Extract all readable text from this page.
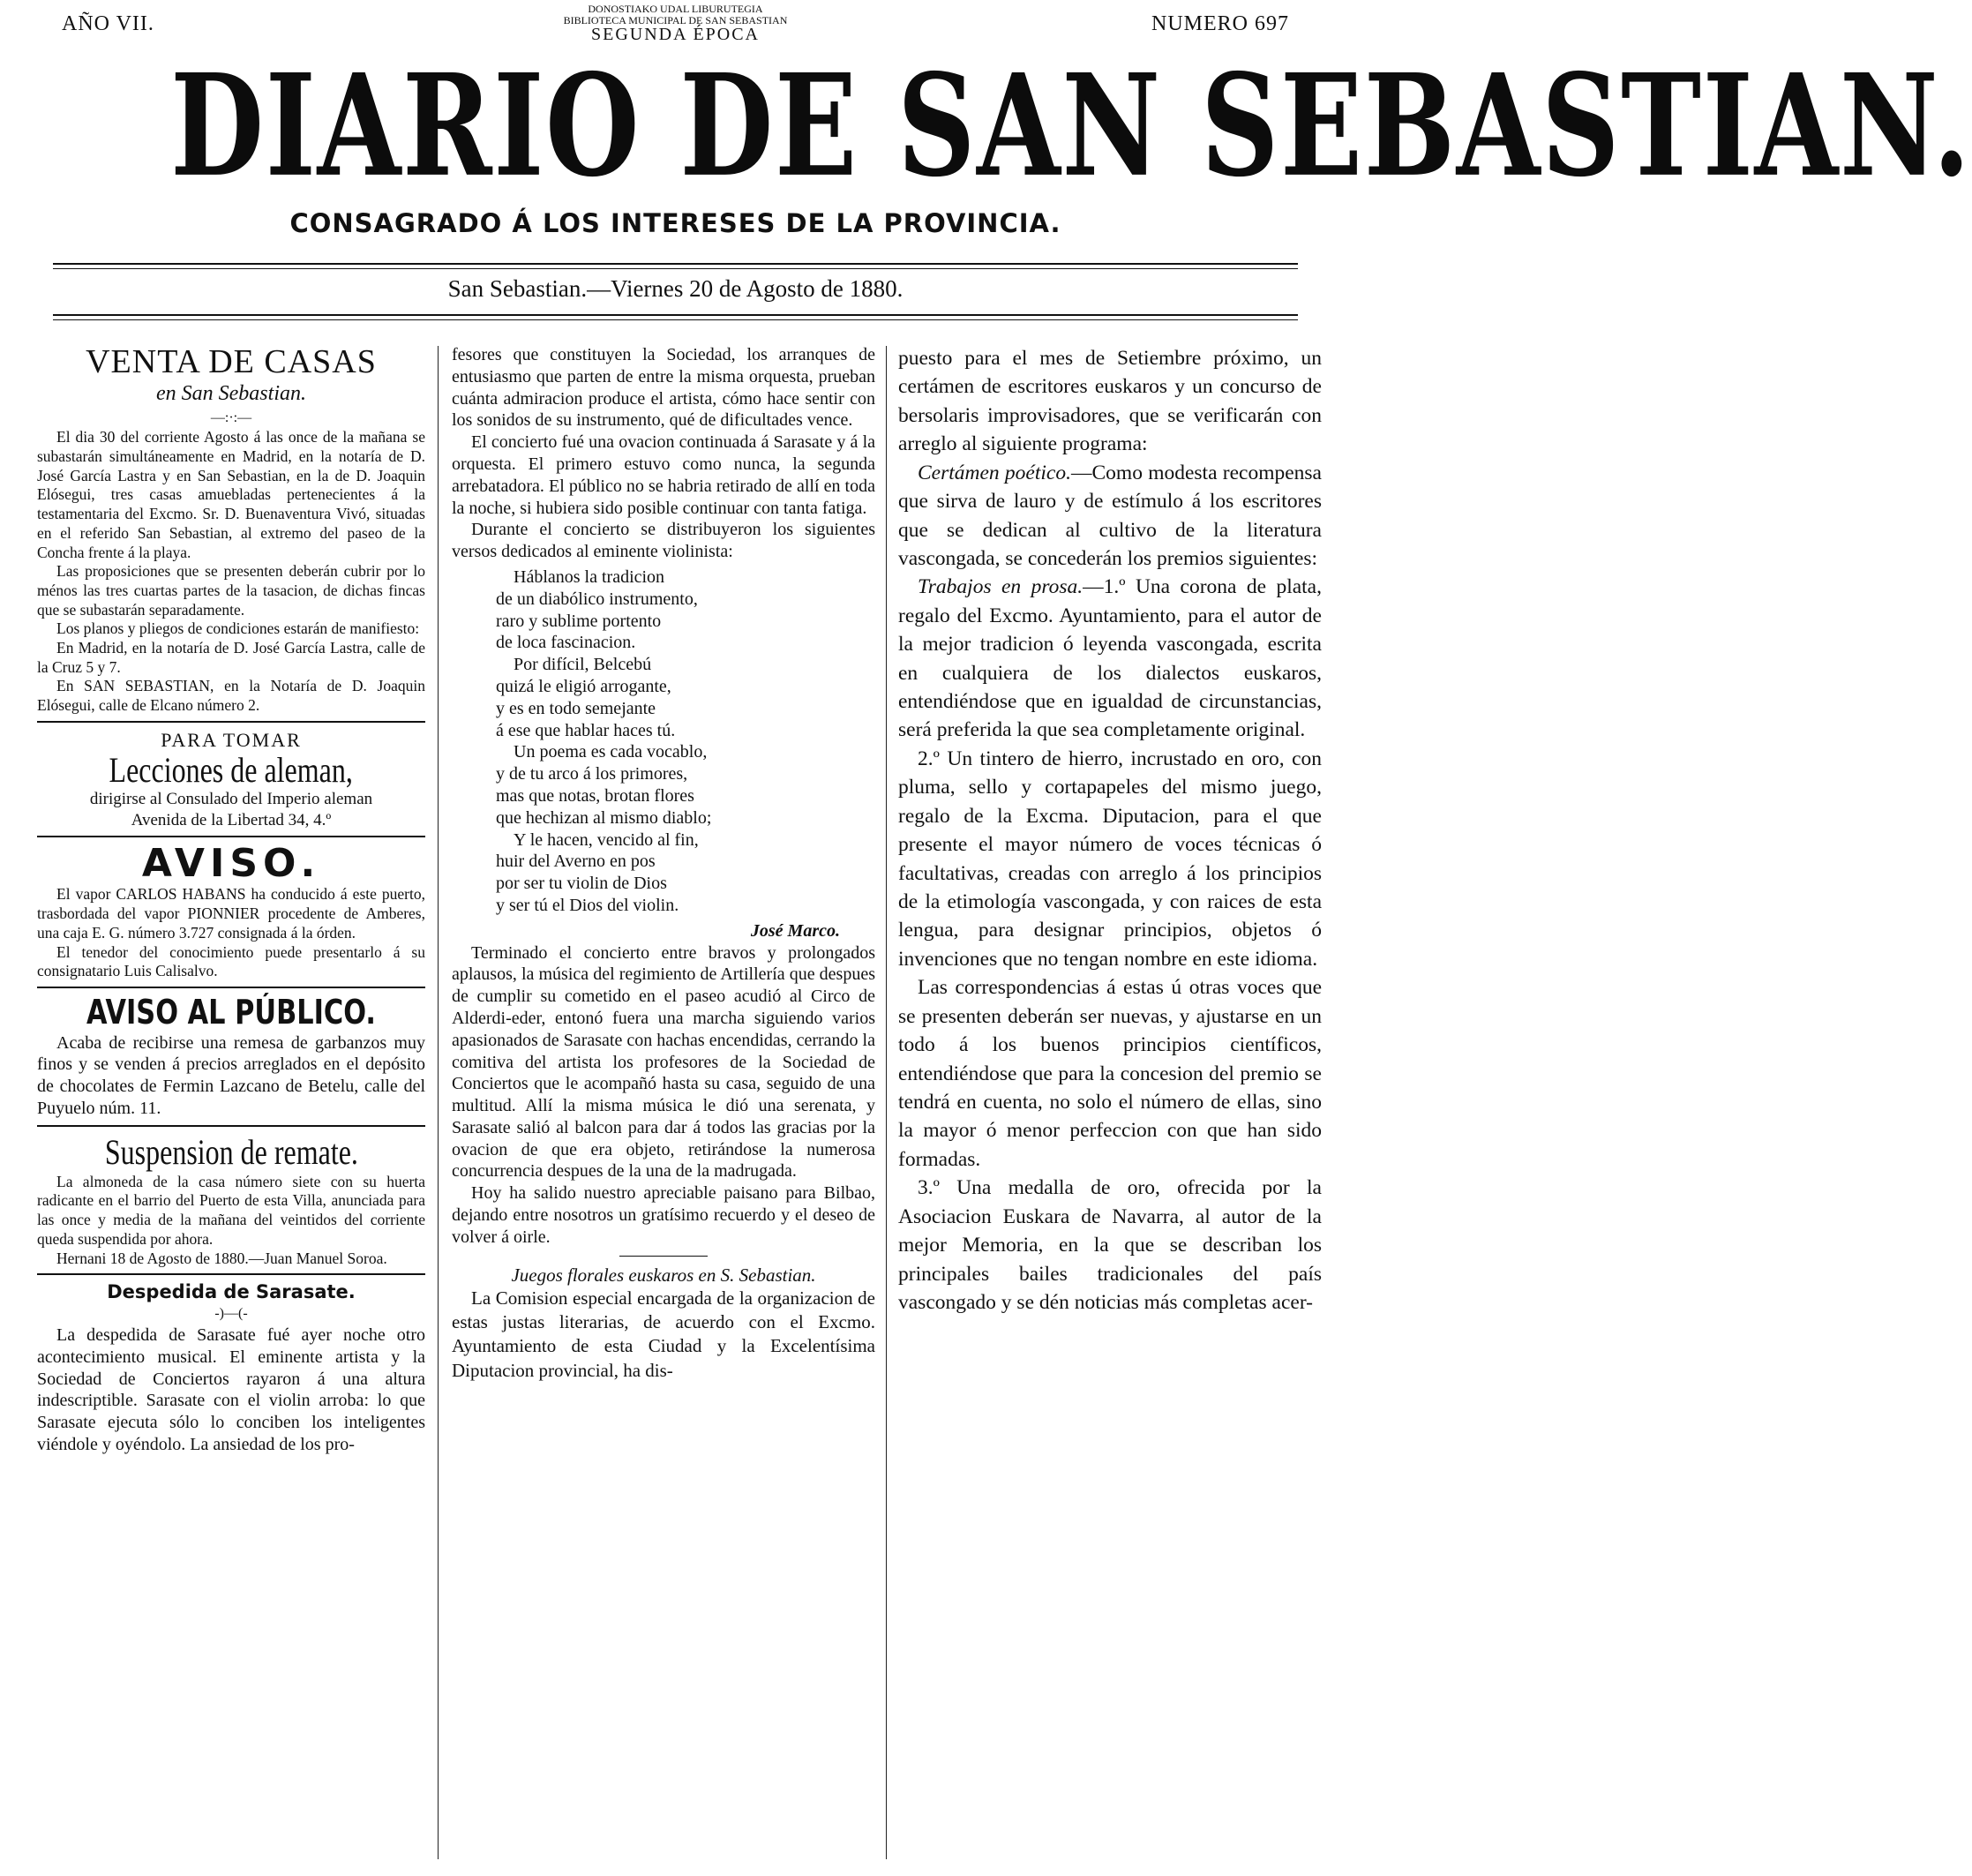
AÑO VII.
DONOSTIAKO UDAL LIBURUTEGIA
BIBLIOTECA MUNICIPAL DE SAN SEBASTIAN
SEGUNDA ÉPOCA	NUMERO 697
DIARIO DE SAN SEBASTIAN.
CONSAGRADO Á LOS INTERESES DE LA PROVINCIA.
San Sebastian.—Viernes 20 de Agosto de 1880.
VENTA DE CASAS
en San Sebastian.
—:·:—

El dia 30 del corriente Agosto á las once de la mañana se subastarán simultáneamente en Madrid, en la notaría de D. José García Lastra y en San Sebastian, en la de D. Joaquin Elósegui, tres casas amuebladas pertenecientes á la testamentaria del Excmo. Sr. D. Buenaventura Vivó, situadas en el referido San Sebastian, al extremo del paseo de la Concha frente á la playa.

Las proposiciones que se presenten deberán cubrir por lo ménos las tres cuartas partes de la tasacion, de dichas fincas que se subastarán separadamente.

Los planos y pliegos de condiciones estarán de manifiesto:

En Madrid, en la notaría de D. José García Lastra, calle de la Cruz 5 y 7.

En SAN SEBASTIAN, en la Notaría de D. Joaquin Elósegui, calle de Elcano número 2.

PARA TOMAR
Lecciones de aleman,
dirigirse al Consulado del Imperio aleman
Avenida de la Libertad 34, 4.º
AVISO.

El vapor CARLOS HABANS ha conducido á este puerto, trasbordada del vapor PIONNIER procedente de Amberes, una caja E. G. número 3.727 consignada á la órden.

El tenedor del conocimiento puede presentarlo á su consignatario Luis Calisalvo.

AVISO AL PÚBLICO.

Acaba de recibirse una remesa de garbanzos muy finos y se venden á precios arreglados en el depósito de chocolates de Fermin Lazcano de Betelu, calle del Puyuelo núm. 11.

Suspension de remate.

La almoneda de la casa número siete con su huerta radicante en el barrio del Puerto de esta Villa, anunciada para las once y media de la mañana del veintidos del corriente queda suspendida por ahora.

Hernani 18 de Agosto de 1880.—Juan Manuel Soroa.

Despedida de Sarasate.
-)—(-

La despedida de Sarasate fué ayer noche otro acontecimiento musical. El eminente artista y la Sociedad de Conciertos rayaron á una altura indescriptible. Sarasate con el violin arroba: lo que Sarasate ejecuta sólo lo conciben los inteligentes viéndole y oyéndolo. La ansiedad de los pro-

fesores que constituyen la Sociedad, los arranques de entusiasmo que parten de entre la misma orquesta, prueban cuánta admiracion produce el artista, cómo hace sentir con los sonidos de su instrumento, qué de dificultades vence.

El concierto fué una ovacion continuada á Sarasate y á la orquesta. El primero estuvo como nunca, la segunda arrebatadora. El público no se habria retirado de allí en toda la noche, si hubiera sido posible continuar con tanta fatiga.

Durante el concierto se distribuyeron los siguientes versos dedicados al eminente violinista:

Háblanos la tradicion
de un diabólico instrumento,
raro y sublime portento
de loca fascinacion.
Por difícil, Belcebú
quizá le eligió arrogante,
y es en todo semejante
á ese que hablar haces tú.
Un poema es cada vocablo,
y de tu arco á los primores,
mas que notas, brotan flores
que hechizan al mismo diablo;
Y le hacen, vencido al fin,
huir del Averno en pos
por ser tu violin de Dios
y ser tú el Dios del violin.
José Marco.

Terminado el concierto entre bravos y prolongados aplausos, la música del regimiento de Artillería que despues de cumplir su cometido en el paseo acudió al Circo de Alderdi-eder, entonó fuera una marcha siguiendo varios apasionados de Sarasate con hachas encendidas, cerrando la comitiva del artista los profesores de la Sociedad de Conciertos que le acompañó hasta su casa, seguido de una multitud. Allí la misma música le dió una serenata, y Sarasate salió al balcon para dar á todos las gracias por la ovacion de que era objeto, retirándose la numerosa concurrencia despues de la una de la madrugada.

Hoy ha salido nuestro apreciable paisano para Bilbao, dejando entre nosotros un gratísimo recuerdo y el deseo de volver á oirle.

Juegos florales euskaros en S. Sebastian.

La Comision especial encargada de la organizacion de estas justas literarias, de acuerdo con el Excmo. Ayuntamiento de esta Ciudad y la Excelentísima Diputacion provincial, ha dis-

puesto para el mes de Setiembre próximo, un certámen de escritores euskaros y un concurso de bersolaris improvisadores, que se verificarán con arreglo al siguiente programa:

Certámen poético.—Como modesta recompensa que sirva de lauro y de estímulo á los escritores que se dedican al cultivo de la literatura vascongada, se concederán los premios siguientes:

Trabajos en prosa.—1.º Una corona de plata, regalo del Excmo. Ayuntamiento, para el autor de la mejor tradicion ó leyenda vascongada, escrita en cualquiera de los dialectos euskaros, entendiéndose que en igualdad de circunstancias, será preferida la que sea completamente original.

2.º Un tintero de hierro, incrustado en oro, con pluma, sello y cortapapeles del mismo juego, regalo de la Excma. Diputacion, para el que presente el mayor número de voces técnicas ó facultativas, creadas con arreglo á los principios de la etimología vascongada, y con raices de esta lengua, para designar principios, objetos ó invenciones que no tengan nombre en este idioma.

Las correspondencias á estas ú otras voces que se presenten deberán ser nuevas, y ajustarse en un todo á los buenos principios científicos, entendiéndose que para la concesion del premio se tendrá en cuenta, no solo el número de ellas, sino la mayor ó menor perfeccion con que han sido formadas.

3.º Una medalla de oro, ofrecida por la Asociacion Euskara de Navarra, al autor de la mejor Memoria, en la que se describan los principales bailes tradicionales del país vascongado y se dén noticias más completas acer-
